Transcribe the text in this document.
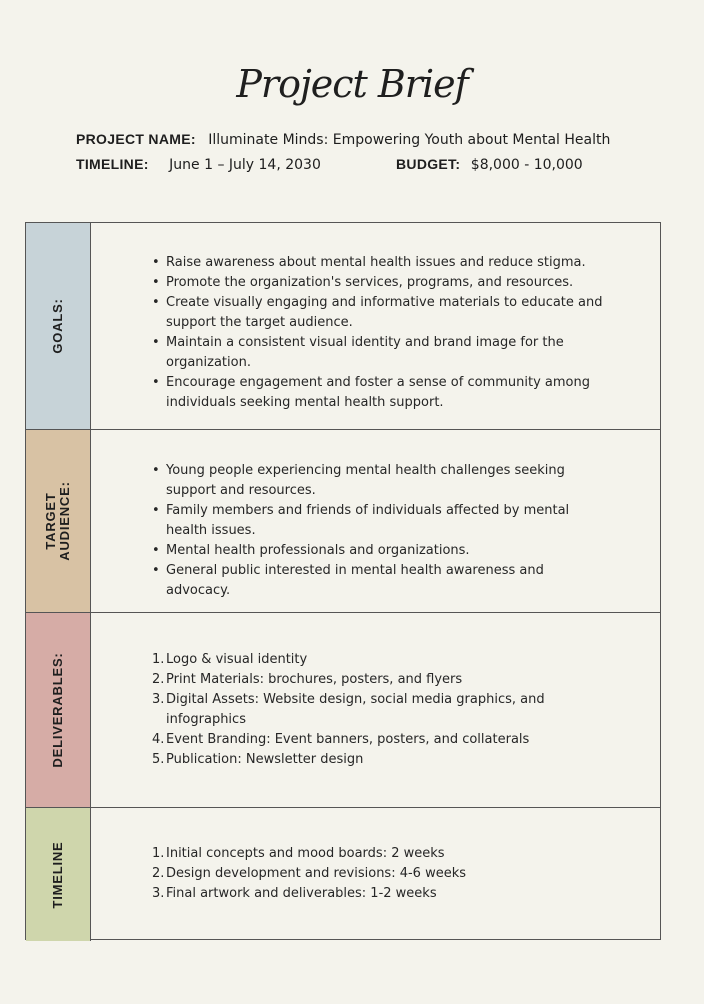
Project Brief
PROJECT NAME: Illuminate Minds: Empowering Youth about Mental Health
TIMELINE: June 1 – July 14, 2030	BUDGET: $8,000 - 10,000
GOALS:
• Raise awareness about mental health issues and reduce stigma.
• Promote the organization's services, programs, and resources.
• Create visually engaging and informative materials to educate and support the target audience.
• Maintain a consistent visual identity and brand image for the organization.
• Encourage engagement and foster a sense of community among individuals seeking mental health support.
TARGET
AUDIENCE:
• Young people experiencing mental health challenges seeking support and resources.
• Family members and friends of individuals affected by mental health issues.
• Mental health professionals and organizations.
• General public interested in mental health awareness and advocacy.
DELIVERABLES:	1. Logo & visual identity
2. Print Materials: brochures, posters, and flyers
3. Digital Assets: Website design, social media graphics, and infographics
4. Event Branding: Event banners, posters, and collaterals
5. Publication: Newsletter design
TIMELINE	1. Initial concepts and mood boards: 2 weeks
2. Design development and revisions: 4-6 weeks
3. Final artwork and deliverables: 1-2 weeks
